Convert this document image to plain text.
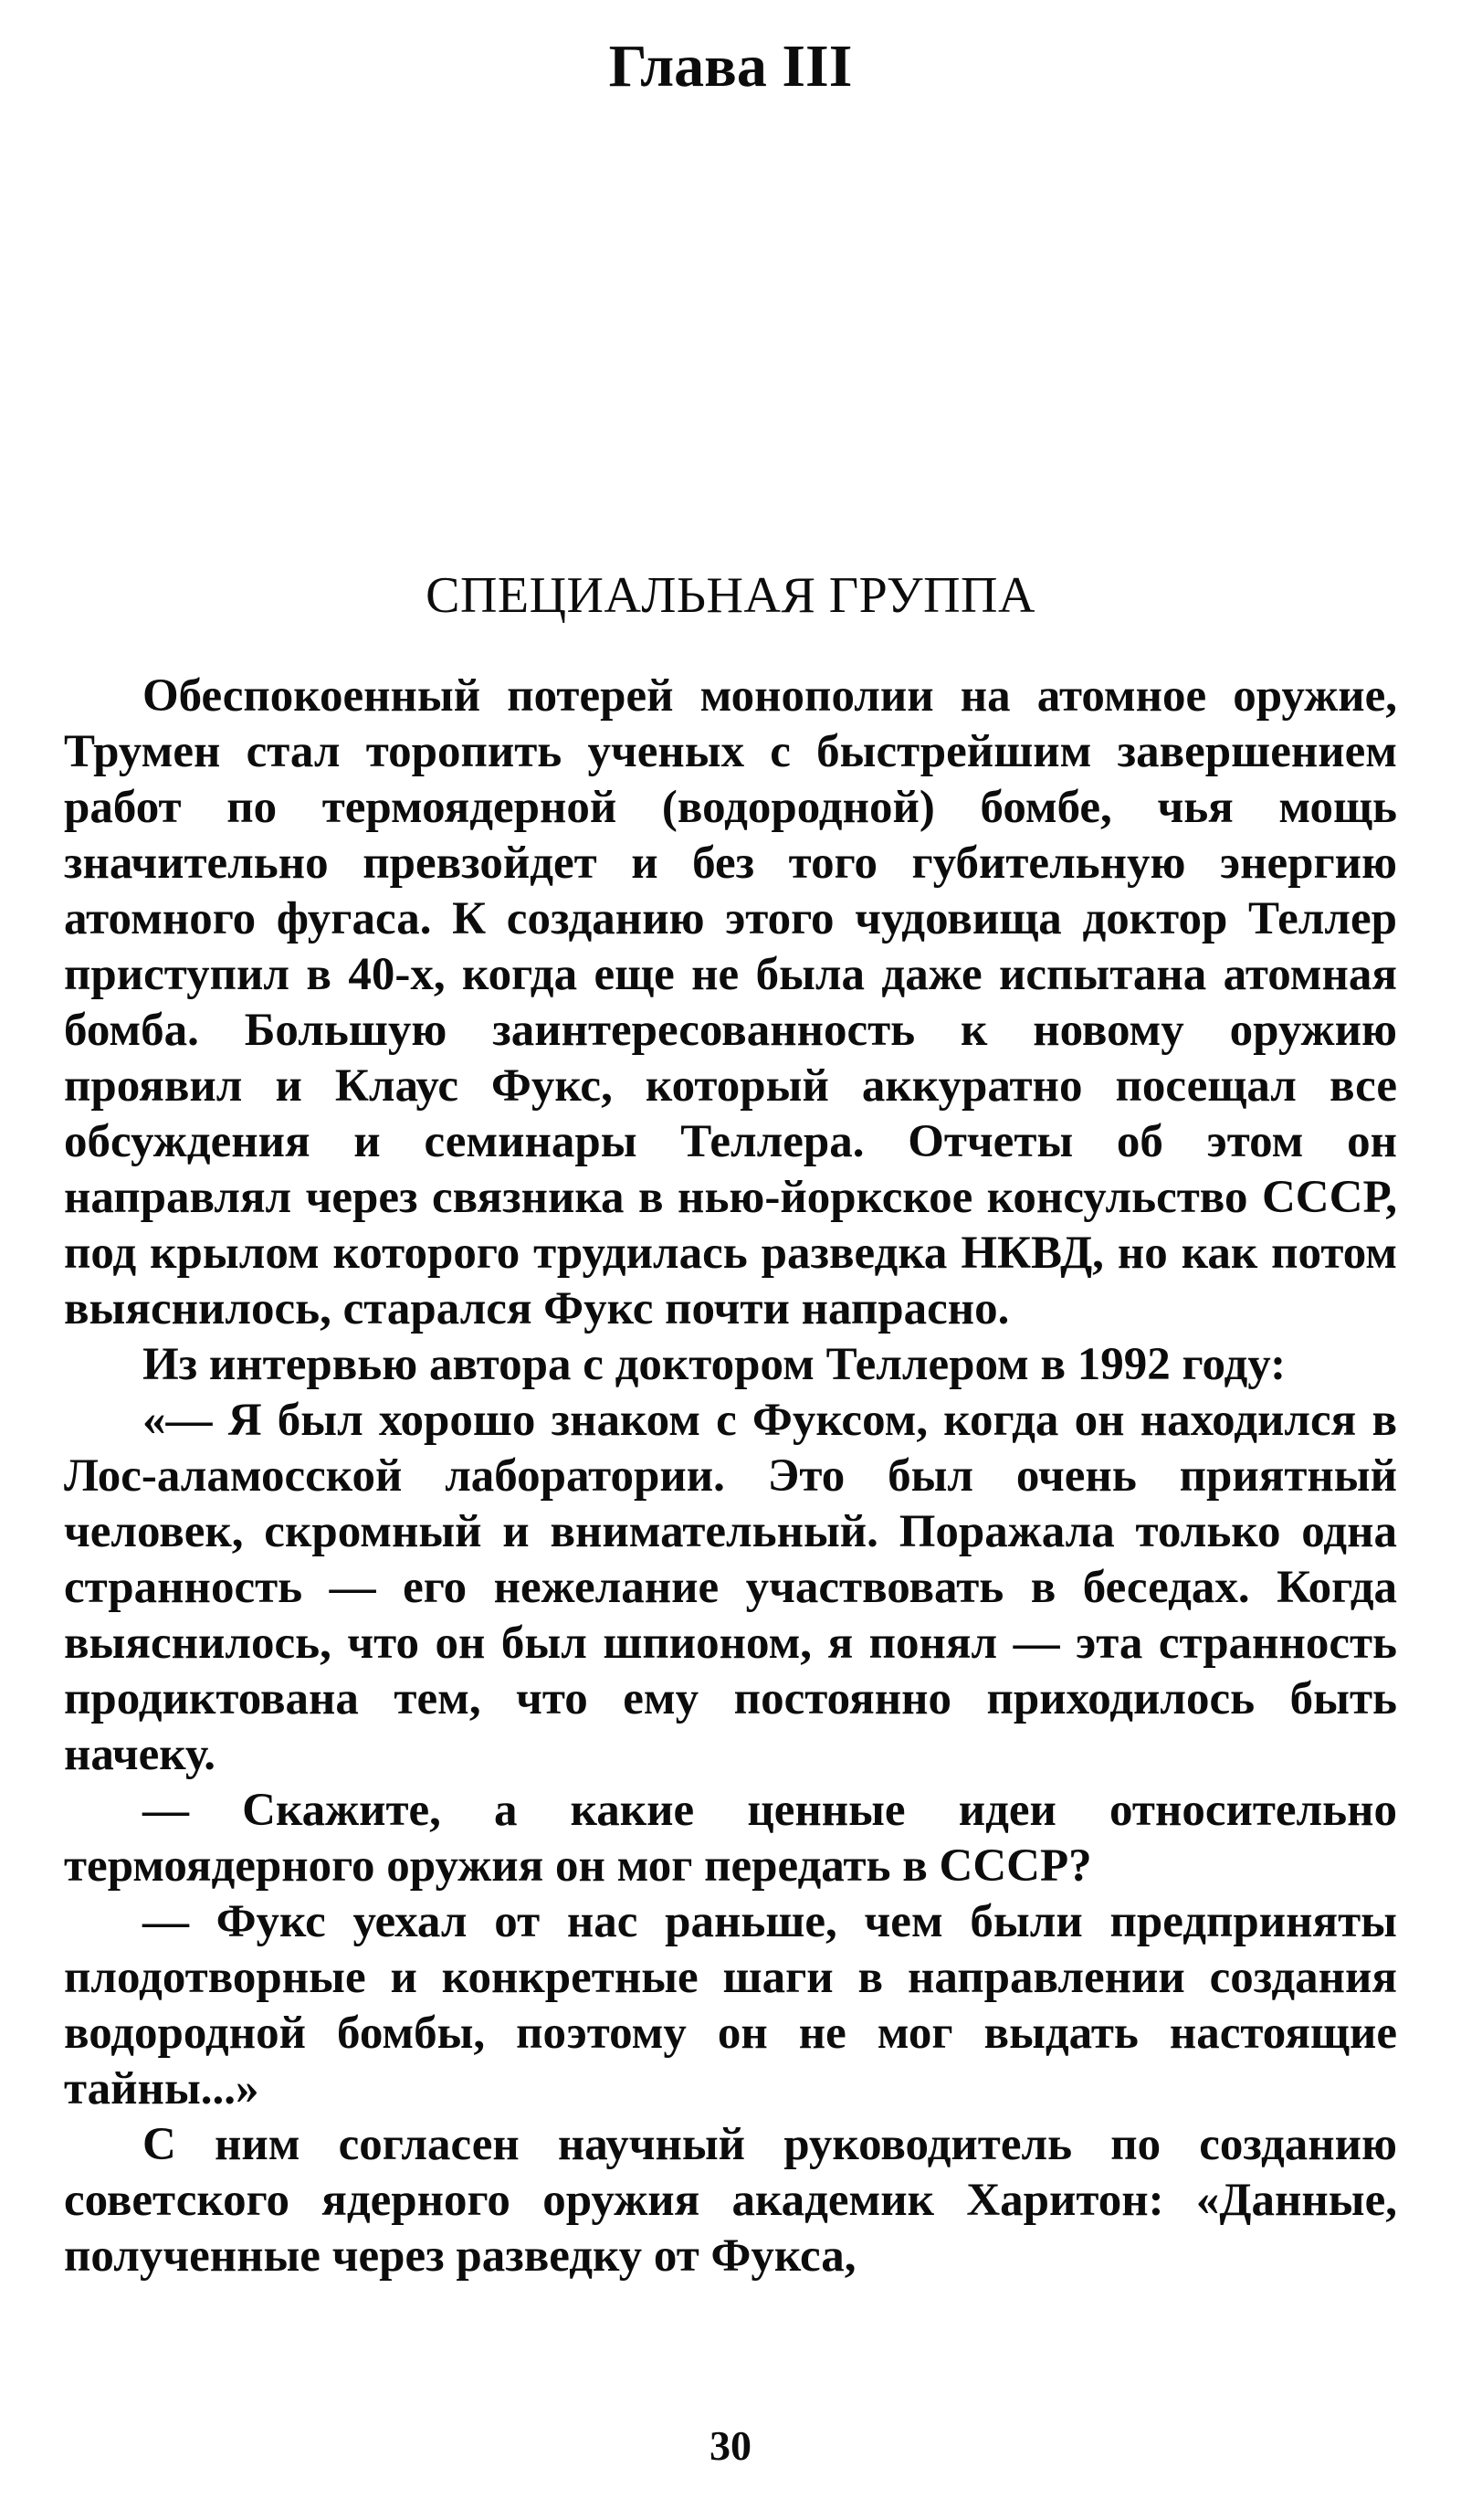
Глава III
СПЕЦИАЛЬНАЯ ГРУППА

Обеспокоенный потерей монополии на атомное оружие, Трумен стал торопить ученых с быстрейшим завершением работ по термоядерной (водородной) бомбе, чья мощь значительно превзойдет и без того губительную энергию атомного фугаса. К созданию этого чудовища доктор Теллер приступил в 40-х, когда еще не была даже испытана атомная бомба. Большую заинтересованность к новому оружию проявил и Клаус Фукс, который аккуратно посещал все обсуждения и семинары Теллера. Отчеты об этом он направлял через связника в нью-йоркское консульство СССР, под крылом которого трудилась разведка НКВД, но как потом выяснилось, старался Фукс почти напрасно.

Из интервью автора с доктором Теллером в 1992 году:

«— Я был хорошо знаком с Фуксом, когда он находился в Лос-аламосской лаборатории. Это был очень приятный человек, скромный и внимательный. Поражала только одна странность — его нежелание участвовать в беседах. Когда выяснилось, что он был шпионом, я понял — эта странность продиктована тем, что ему постоянно приходилось быть начеку.

— Скажите, а какие ценные идеи относительно термоядерного оружия он мог передать в СССР?

— Фукс уехал от нас раньше, чем были предприняты плодотворные и конкретные шаги в направлении создания водородной бомбы, поэтому он не мог выдать настоящие тайны...»

С ним согласен научный руководитель по созданию советского ядерного оружия академик Харитон: «Данные, полученные через разведку от Фукса,

30
